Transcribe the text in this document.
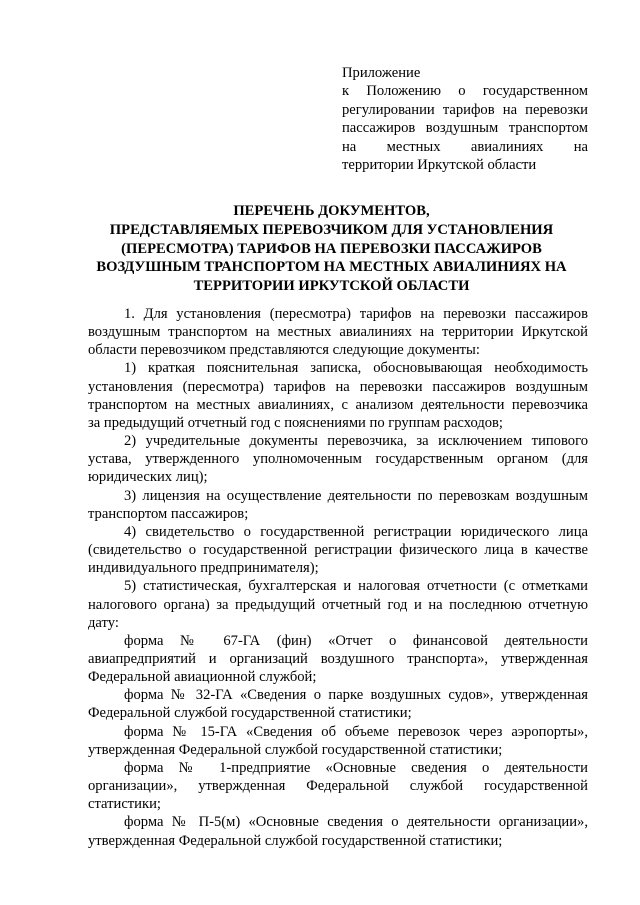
Приложение
к Положению о государственном
регулировании тарифов на перевозки
пассажиров воздушным транспортом
на местных авиалиниях на
территории Иркутской области
ПЕРЕЧЕНЬ ДОКУМЕНТОВ,
ПРЕДСТАВЛЯЕМЫХ ПЕРЕВОЗЧИКОМ ДЛЯ УСТАНОВЛЕНИЯ
(ПЕРЕСМОТРА) ТАРИФОВ НА ПЕРЕВОЗКИ ПАССАЖИРОВ
ВОЗДУШНЫМ ТРАНСПОРТОМ НА МЕСТНЫХ АВИАЛИНИЯХ НА
ТЕРРИТОРИИ ИРКУТСКОЙ ОБЛАСТИ
1. Для установления (пересмотра) тарифов на перевозки пассажиров
воздушным транспортом на местных авиалиниях на территории Иркутской
области перевозчиком представляются следующие документы:
1) краткая пояснительная записка, обосновывающая необходимость
установления (пересмотра) тарифов на перевозки пассажиров воздушным
транспортом на местных авиалиниях, с анализом деятельности перевозчика
за предыдущий отчетный год с пояснениями по группам расходов;
2) учредительные документы перевозчика, за исключением типового
устава, утвержденного уполномоченным государственным органом (для
юридических лиц);
3) лицензия на осуществление деятельности по перевозкам воздушным
транспортом пассажиров;
4) свидетельство о государственной регистрации юридического лица
(свидетельство о государственной регистрации физического лица в качестве
индивидуального предпринимателя);
5) статистическая, бухгалтерская и налоговая отчетности (с отметками
налогового органа) за предыдущий отчетный год и на последнюю отчетную
дату:
форма № 67-ГА (фин) «Отчет о финансовой деятельности
авиапредприятий и организаций воздушного транспорта», утвержденная
Федеральной авиационной службой;
форма № 32-ГА «Сведения о парке воздушных судов», утвержденная
Федеральной службой государственной статистики;
форма № 15-ГА «Сведения об объеме перевозок через аэропорты»,
утвержденная Федеральной службой государственной статистики;
форма № 1-предприятие «Основные сведения о деятельности
организации», утвержденная Федеральной службой государственной
статистики;
форма № П-5(м) «Основные сведения о деятельности организации»,
утвержденная Федеральной службой государственной статистики;
